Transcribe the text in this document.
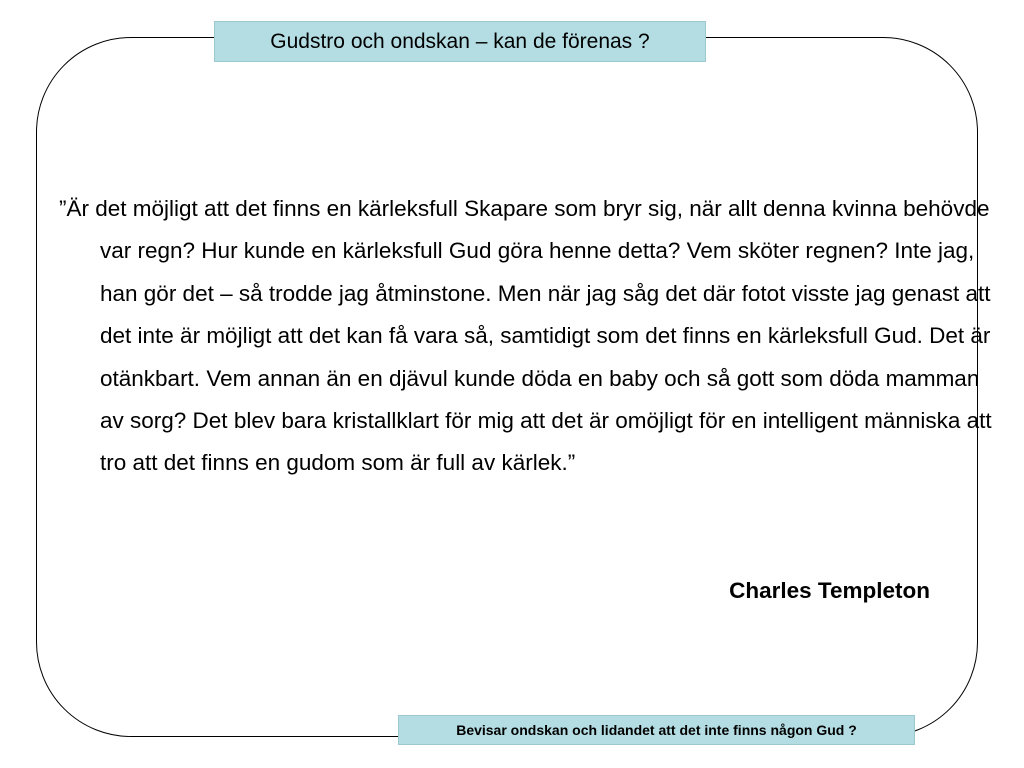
Gudstro och ondskan – kan de förenas ?

”Är det möjligt att det finns en kärleksfull Skapare som bryr sig, när allt denna kvinna behövde var regn? Hur kunde en kärleksfull Gud göra henne detta? Vem sköter regnen? Inte jag, han gör det – så trodde jag åtminstone. Men när jag såg det där fotot visste jag genast att det inte är möjligt att det kan få vara så, samtidigt som det finns en kärleksfull Gud. Det är otänkbart. Vem annan än en djävul kunde döda en baby och så gott som döda mamman av sorg? Det blev bara kristallklart för mig att det är omöjligt för en intelligent människa att tro att det finns en gudom som är full av kärlek.”

Charles Templeton
Bevisar ondskan och lidandet att det inte finns någon Gud ?
